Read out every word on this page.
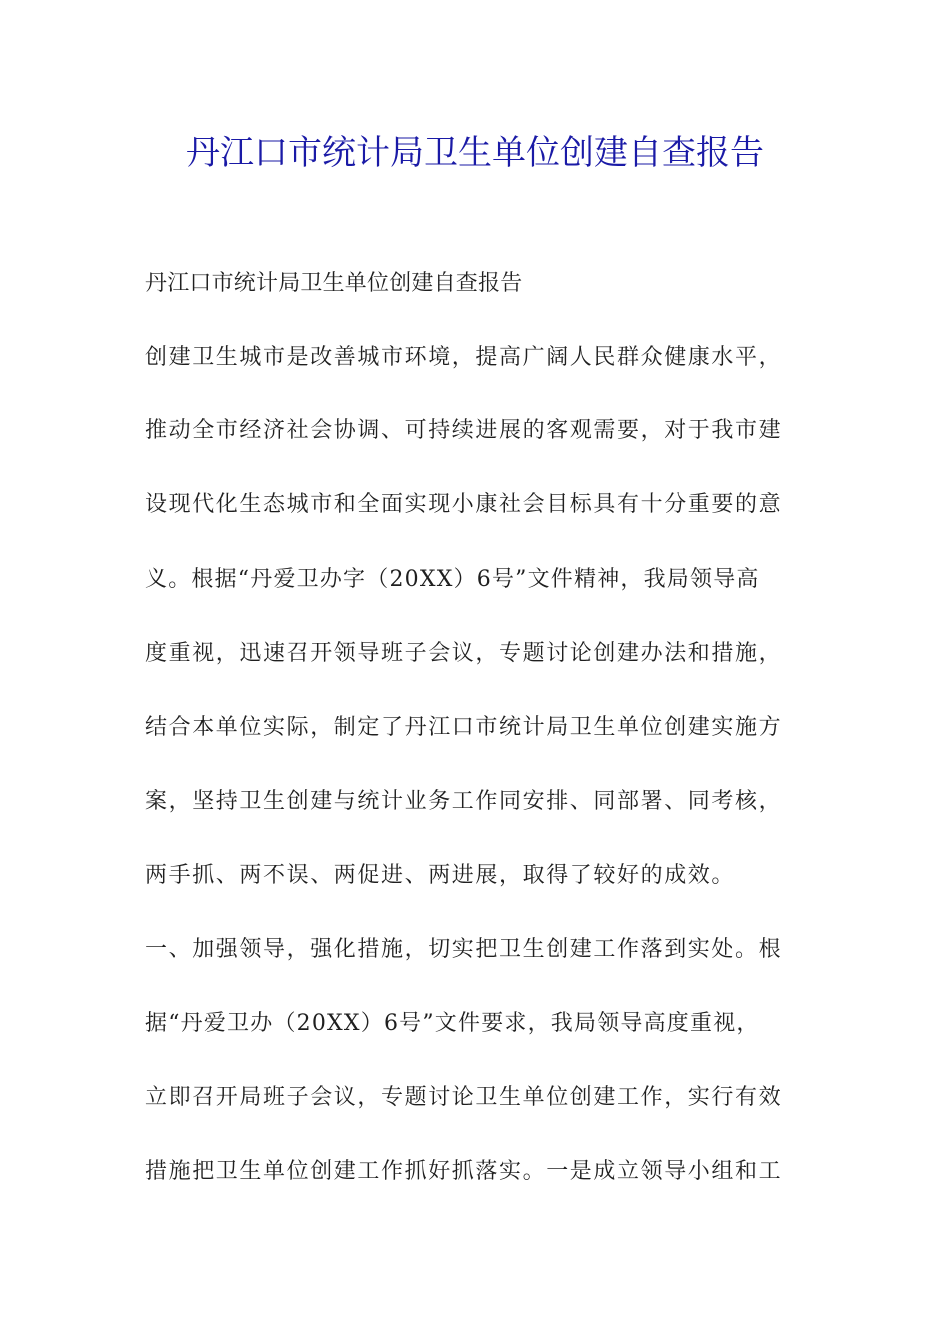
丹江口市统计局卫生单位创建自查报告
丹江口市统计局卫生单位创建自查报告
创建卫生城市是改善城市环境，提高广阔人民群众健康水平，
推动全市经济社会协调、可持续进展的客观需要，对于我市建
设现代化生态城市和全面实现小康社会目标具有十分重要的意
义。根据“丹爱卫办字（20XX）6号”文件精神，我局领导高
度重视，迅速召开领导班子会议，专题讨论创建办法和措施，
结合本单位实际，制定了丹江口市统计局卫生单位创建实施方
案，坚持卫生创建与统计业务工作同安排、同部署、同考核，
两手抓、两不误、两促进、两进展，取得了较好的成效。
一、加强领导，强化措施，切实把卫生创建工作落到实处。根
据“丹爱卫办（20XX）6号”文件要求，我局领导高度重视，
立即召开局班子会议，专题讨论卫生单位创建工作，实行有效
措施把卫生单位创建工作抓好抓落实。一是成立领导小组和工
